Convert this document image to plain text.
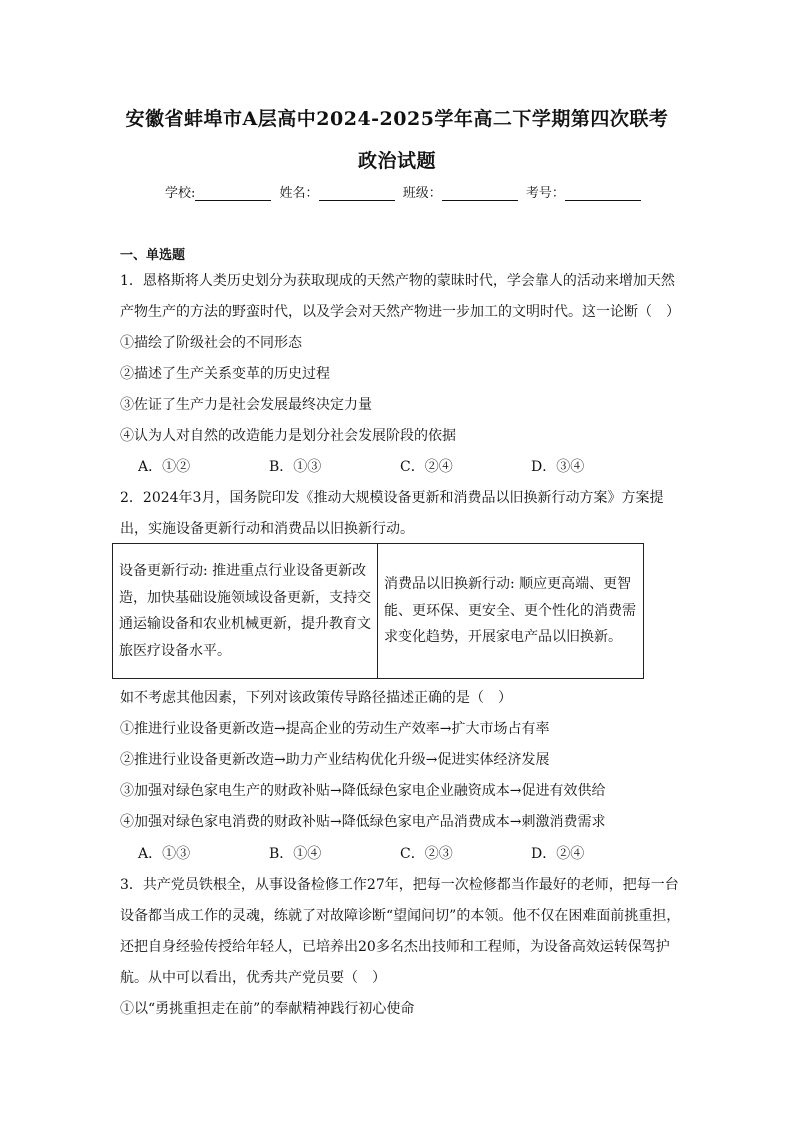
安徽省蚌埠市A层高中2024-2025学年高二下学期第四次联考
政治试题
学校:	姓名：	班级：	考号：
一、单选题
1．恩格斯将人类历史划分为获取现成的天然产物的蒙昧时代，学会靠人的活动来增加天然
产物生产的方法的野蛮时代，以及学会对天然产物进一步加工的文明时代。这一论断（　）
①描绘了阶级社会的不同形态
②描述了生产关系变革的历史过程
③佐证了生产力是社会发展最终决定力量
④认为人对自然的改造能力是划分社会发展阶段的依据
A．①②	B．①③	C．②④	D．③④
2．2024年3月，国务院印发《推动大规模设备更新和消费品以旧换新行动方案》方案提
出，实施设备更新行动和消费品以旧换新行动。
设备更新行动: 推进重点行业设备更新改
造，加快基础设施领域设备更新，支持交
通运输设备和农业机械更新，提升教育文
旅医疗设备水平。

消费品以旧换新行动: 顺应更高端、更智
能、更环保、更安全、更个性化的消费需
求变化趋势，开展家电产品以旧换新。
如不考虑其他因素，下列对该政策传导路径描述正确的是（　）
①推进行业设备更新改造→提高企业的劳动生产效率→扩大市场占有率
②推进行业设备更新改造→助力产业结构优化升级→促进实体经济发展
③加强对绿色家电生产的财政补贴→降低绿色家电企业融资成本→促进有效供给
④加强对绿色家电消费的财政补贴→降低绿色家电产品消费成本→刺激消费需求
A．①③	B．①④	C．②③	D．②④
3．共产党员铁根全，从事设备检修工作27年，把每一次检修都当作最好的老师，把每一台
设备都当成工作的灵魂，练就了对故障诊断“望闻问切”的本领。他不仅在困难面前挑重担，
还把自身经验传授给年轻人，已培养出20多名杰出技师和工程师，为设备高效运转保驾护
航。从中可以看出，优秀共产党员要（　）
①以“勇挑重担走在前”的奉献精神践行初心使命
